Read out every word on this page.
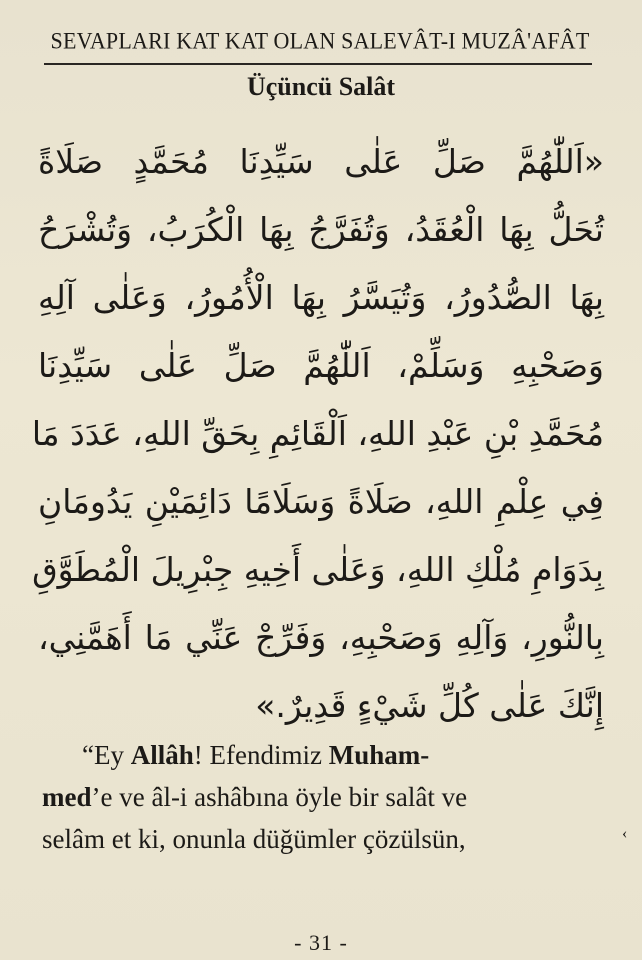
SEVAPLARI KAT KAT OLAN SALEVÂT-I MUZÂ'AFÂT
Üçüncü Salât
«اَللّٰهُمَّ صَلِّ عَلٰى سَيِّدِنَا مُحَمَّدٍ صَلَاةً
تُحَلُّ بِهَا الْعُقَدُ، وَتُفَرَّجُ بِهَا الْكُرَبُ، وَتُشْرَحُ
بِهَا الصُّدُورُ، وَتُيَسَّرُ بِهَا الْأُمُورُ، وَعَلٰى آلِهِ
وَصَحْبِهِ وَسَلِّمْ، اَللّٰهُمَّ صَلِّ عَلٰى سَيِّدِنَا
مُحَمَّدِ بْنِ عَبْدِ اللهِ، اَلْقَائِمِ بِحَقِّ اللهِ، عَدَدَ مَا
فِي عِلْمِ اللهِ، صَلَاةً وَسَلَامًا دَائِمَيْنِ يَدُومَانِ
بِدَوَامِ مُلْكِ اللهِ، وَعَلٰى أَخِيهِ جِبْرِيلَ الْمُطَوَّقِ
بِالنُّورِ، وَآلِهِ وَصَحْبِهِ، وَفَرِّجْ عَنِّي مَا أَهَمَّنِي،
إِنَّكَ عَلٰى كُلِّ شَيْءٍ قَدِيرٌ.»
“Ey Allâh! Efendimiz Muham-
med’e ve âl-i ashâbına öyle bir salât ve
selâm et ki, onunla düğümler çözülsün,	‹
- 31 -
